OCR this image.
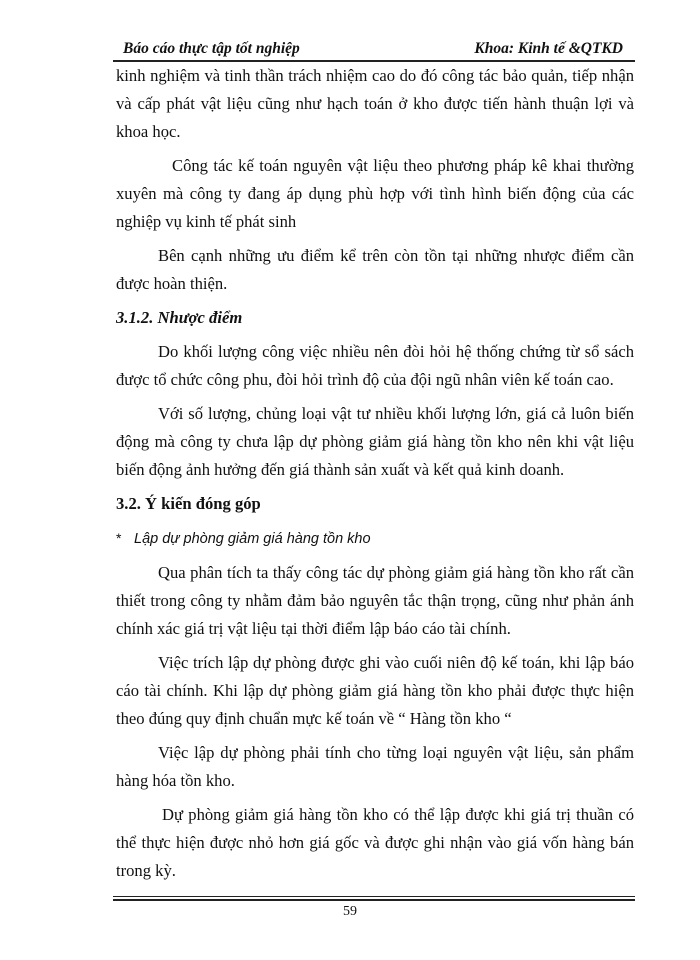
Báo cáo thực tập tốt nghiệp	Khoa: Kinh tế &QTKD

kinh nghiệm và tinh thần trách nhiệm cao do đó công tác bảo quản, tiếp nhận và cấp phát vật liệu cũng như hạch toán ở kho được tiến hành thuận lợi và khoa học.

Công tác kế toán nguyên vật liệu theo phương pháp kê khai thường xuyên mà công ty đang áp dụng phù hợp với tình hình biến động của các nghiệp vụ kinh tế phát sinh

Bên cạnh những ưu điểm kể trên còn tồn tại những nhược điểm cần được hoàn thiện.

3.1.2. Nhược điểm

Do khối lượng công việc nhiều nên đòi hỏi hệ thống chứng từ sổ sách được tổ chức công phu, đòi hỏi trình độ của đội ngũ nhân viên kế toán cao.

Với số lượng, chủng loại vật tư nhiều khối lượng lớn, giá cả luôn biến động mà công ty chưa lập dự phòng giảm giá hàng tồn kho nên khi vật liệu biến động ảnh hưởng đến giá thành sản xuất và kết quả kinh doanh.

3.2. Ý kiến đóng góp

* Lập dự phòng giảm giá hàng tồn kho

Qua phân tích ta thấy công tác dự phòng giảm giá hàng tồn kho rất cần thiết trong công ty nhằm đảm bảo nguyên tắc thận trọng, cũng như phản ánh chính xác giá trị vật liệu tại thời điểm lập báo cáo tài chính.

Việc trích lập dự phòng được ghi vào cuối niên độ kế toán, khi lập báo cáo tài chính. Khi lập dự phòng giảm giá hàng tồn kho phải được thực hiện theo đúng quy định chuẩn mực kế toán về “ Hàng tồn kho “

Việc lập dự phòng phải tính cho từng loại nguyên vật liệu, sản phẩm hàng hóa tồn kho.

Dự phòng giảm giá hàng tồn kho có thể lập được khi giá trị thuần có thể thực hiện được nhỏ hơn giá gốc và được ghi nhận vào giá vốn hàng bán trong kỳ.

59
